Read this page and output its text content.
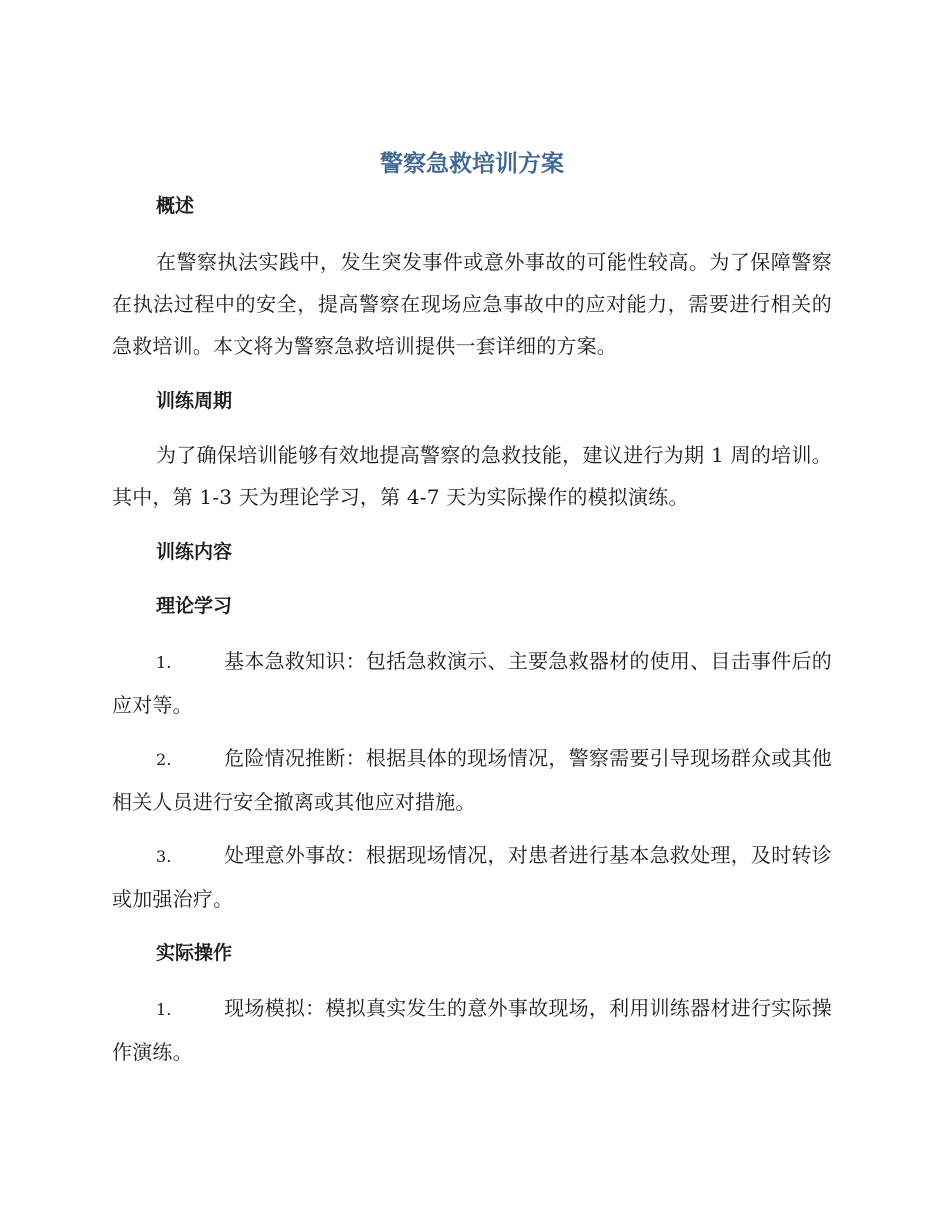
警察急救培训方案
概述

在警察执法实践中，发生突发事件或意外事故的可能性较高。为了保障警察在执法过程中的安全，提高警察在现场应急事故中的应对能力，需要进行相关的急救培训。本文将为警察急救培训提供一套详细的方案。

训练周期

为了确保培训能够有效地提高警察的急救技能，建议进行为期 1 周的培训。其中，第 1-3 天为理论学习，第 4-7 天为实际操作的模拟演练。

训练内容
理论学习

1.	基本急救知识：包括急救演示、主要急救器材的使用、目击事件后的应对等。

2.	危险情况推断：根据具体的现场情况，警察需要引导现场群众或其他相关人员进行安全撤离或其他应对措施。

3.	处理意外事故：根据现场情况，对患者进行基本急救处理，及时转诊或加强治疗。

实际操作

1.	现场模拟：模拟真实发生的意外事故现场，利用训练器材进行实际操作演练。
